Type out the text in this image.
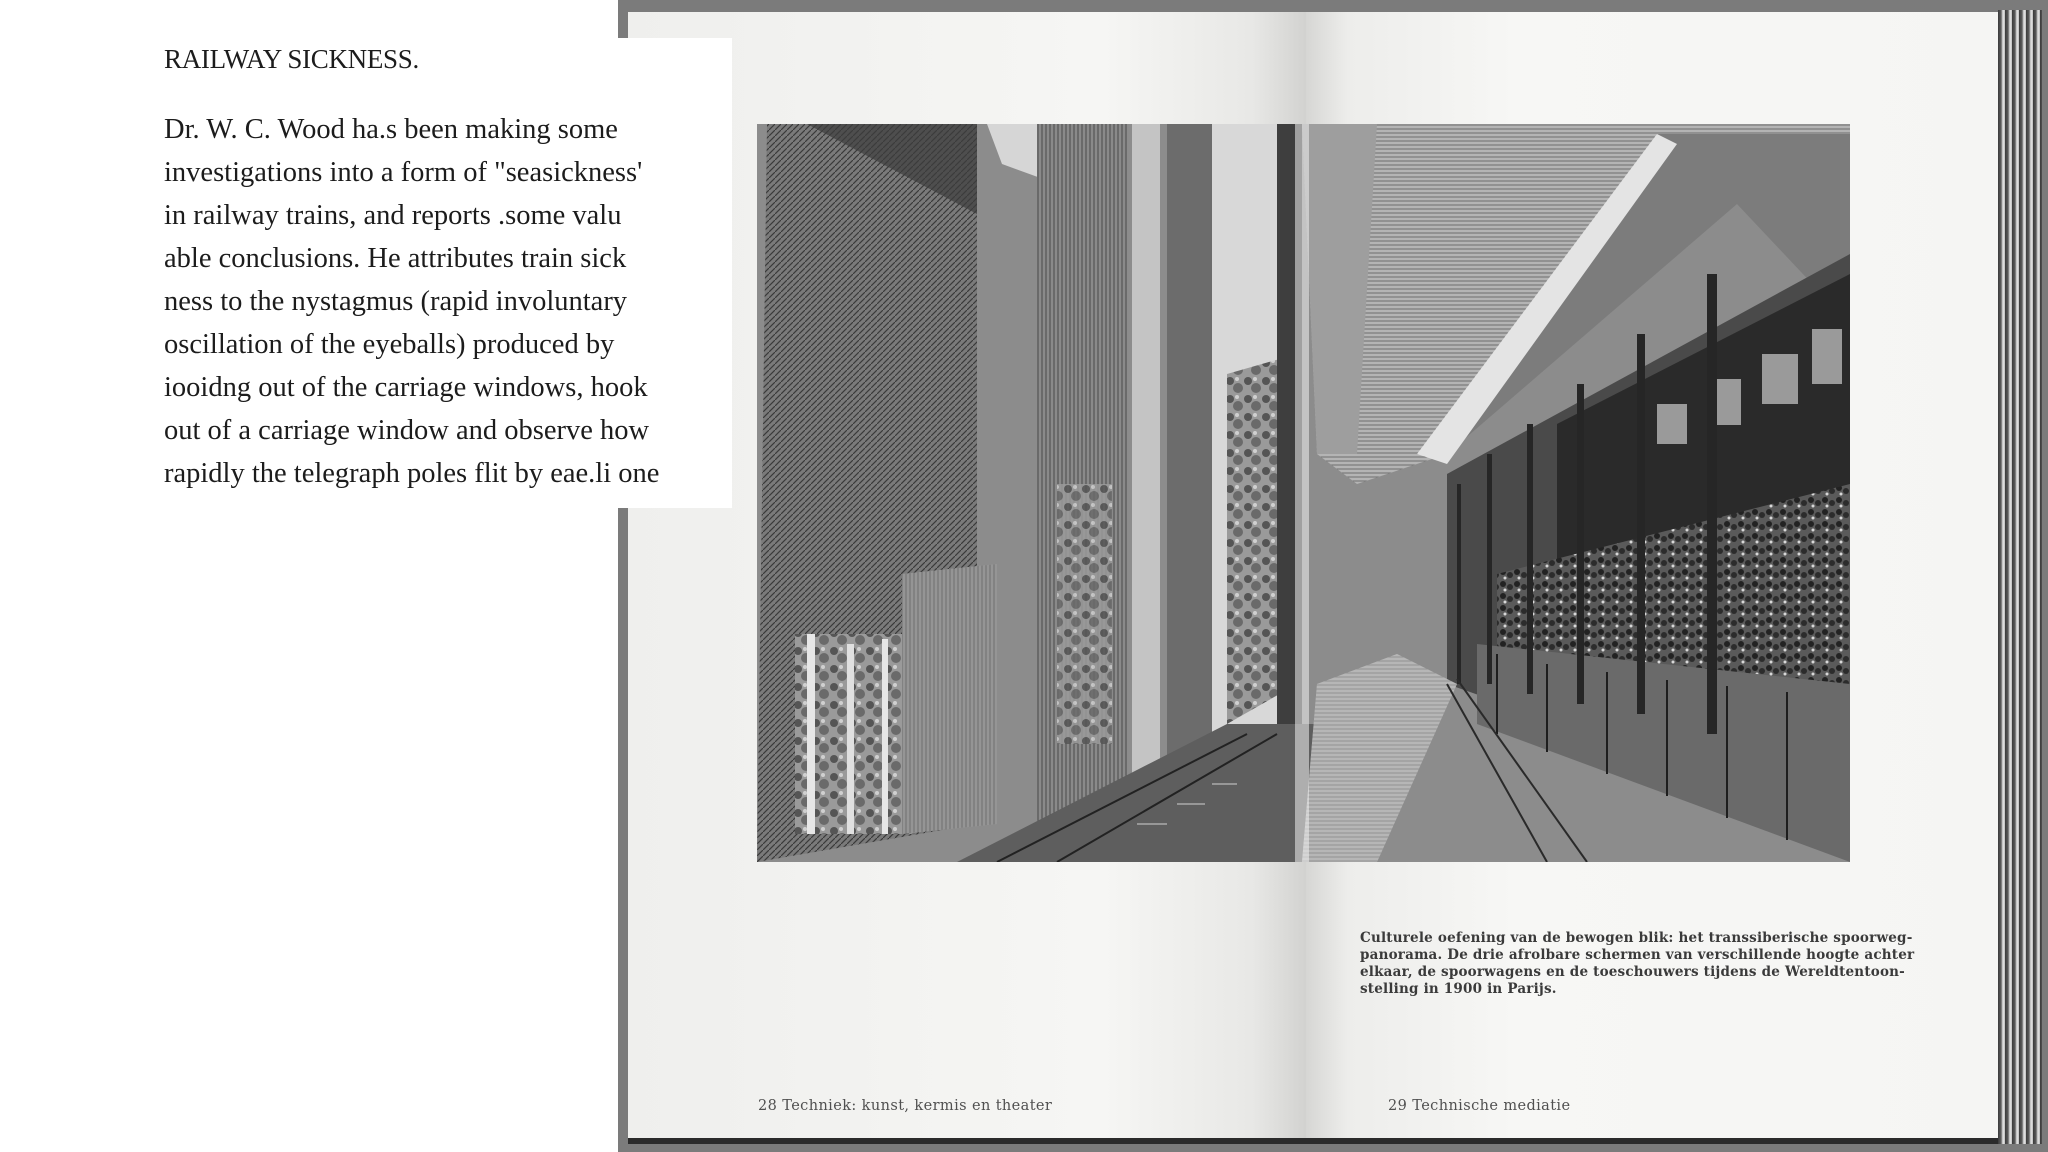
Culturele oefening van de bewogen blik: het transsiberische spoorweg-
panorama. De drie afrolbare schermen van verschillende hoogte achter
elkaar, de spoorwagens en de toeschouwers tijdens de Wereldtentoon-
stelling in 1900 in Parijs.
28 Techniek: kunst, kermis en theater	29 Technische mediatie
RAILWAY SICKNESS.
Dr. W. C. Wood ha.s been making some
investigations into a form of "seasickness'
in railway trains, and reports .some valu
able conclusions. He attributes train sick
ness to the nystagmus (rapid involuntary
oscillation of the eyeballs) produced by
iooidng out of the carriage windows, hook
out of a carriage window and observe how
rapidly the telegraph poles flit by eae.li one
